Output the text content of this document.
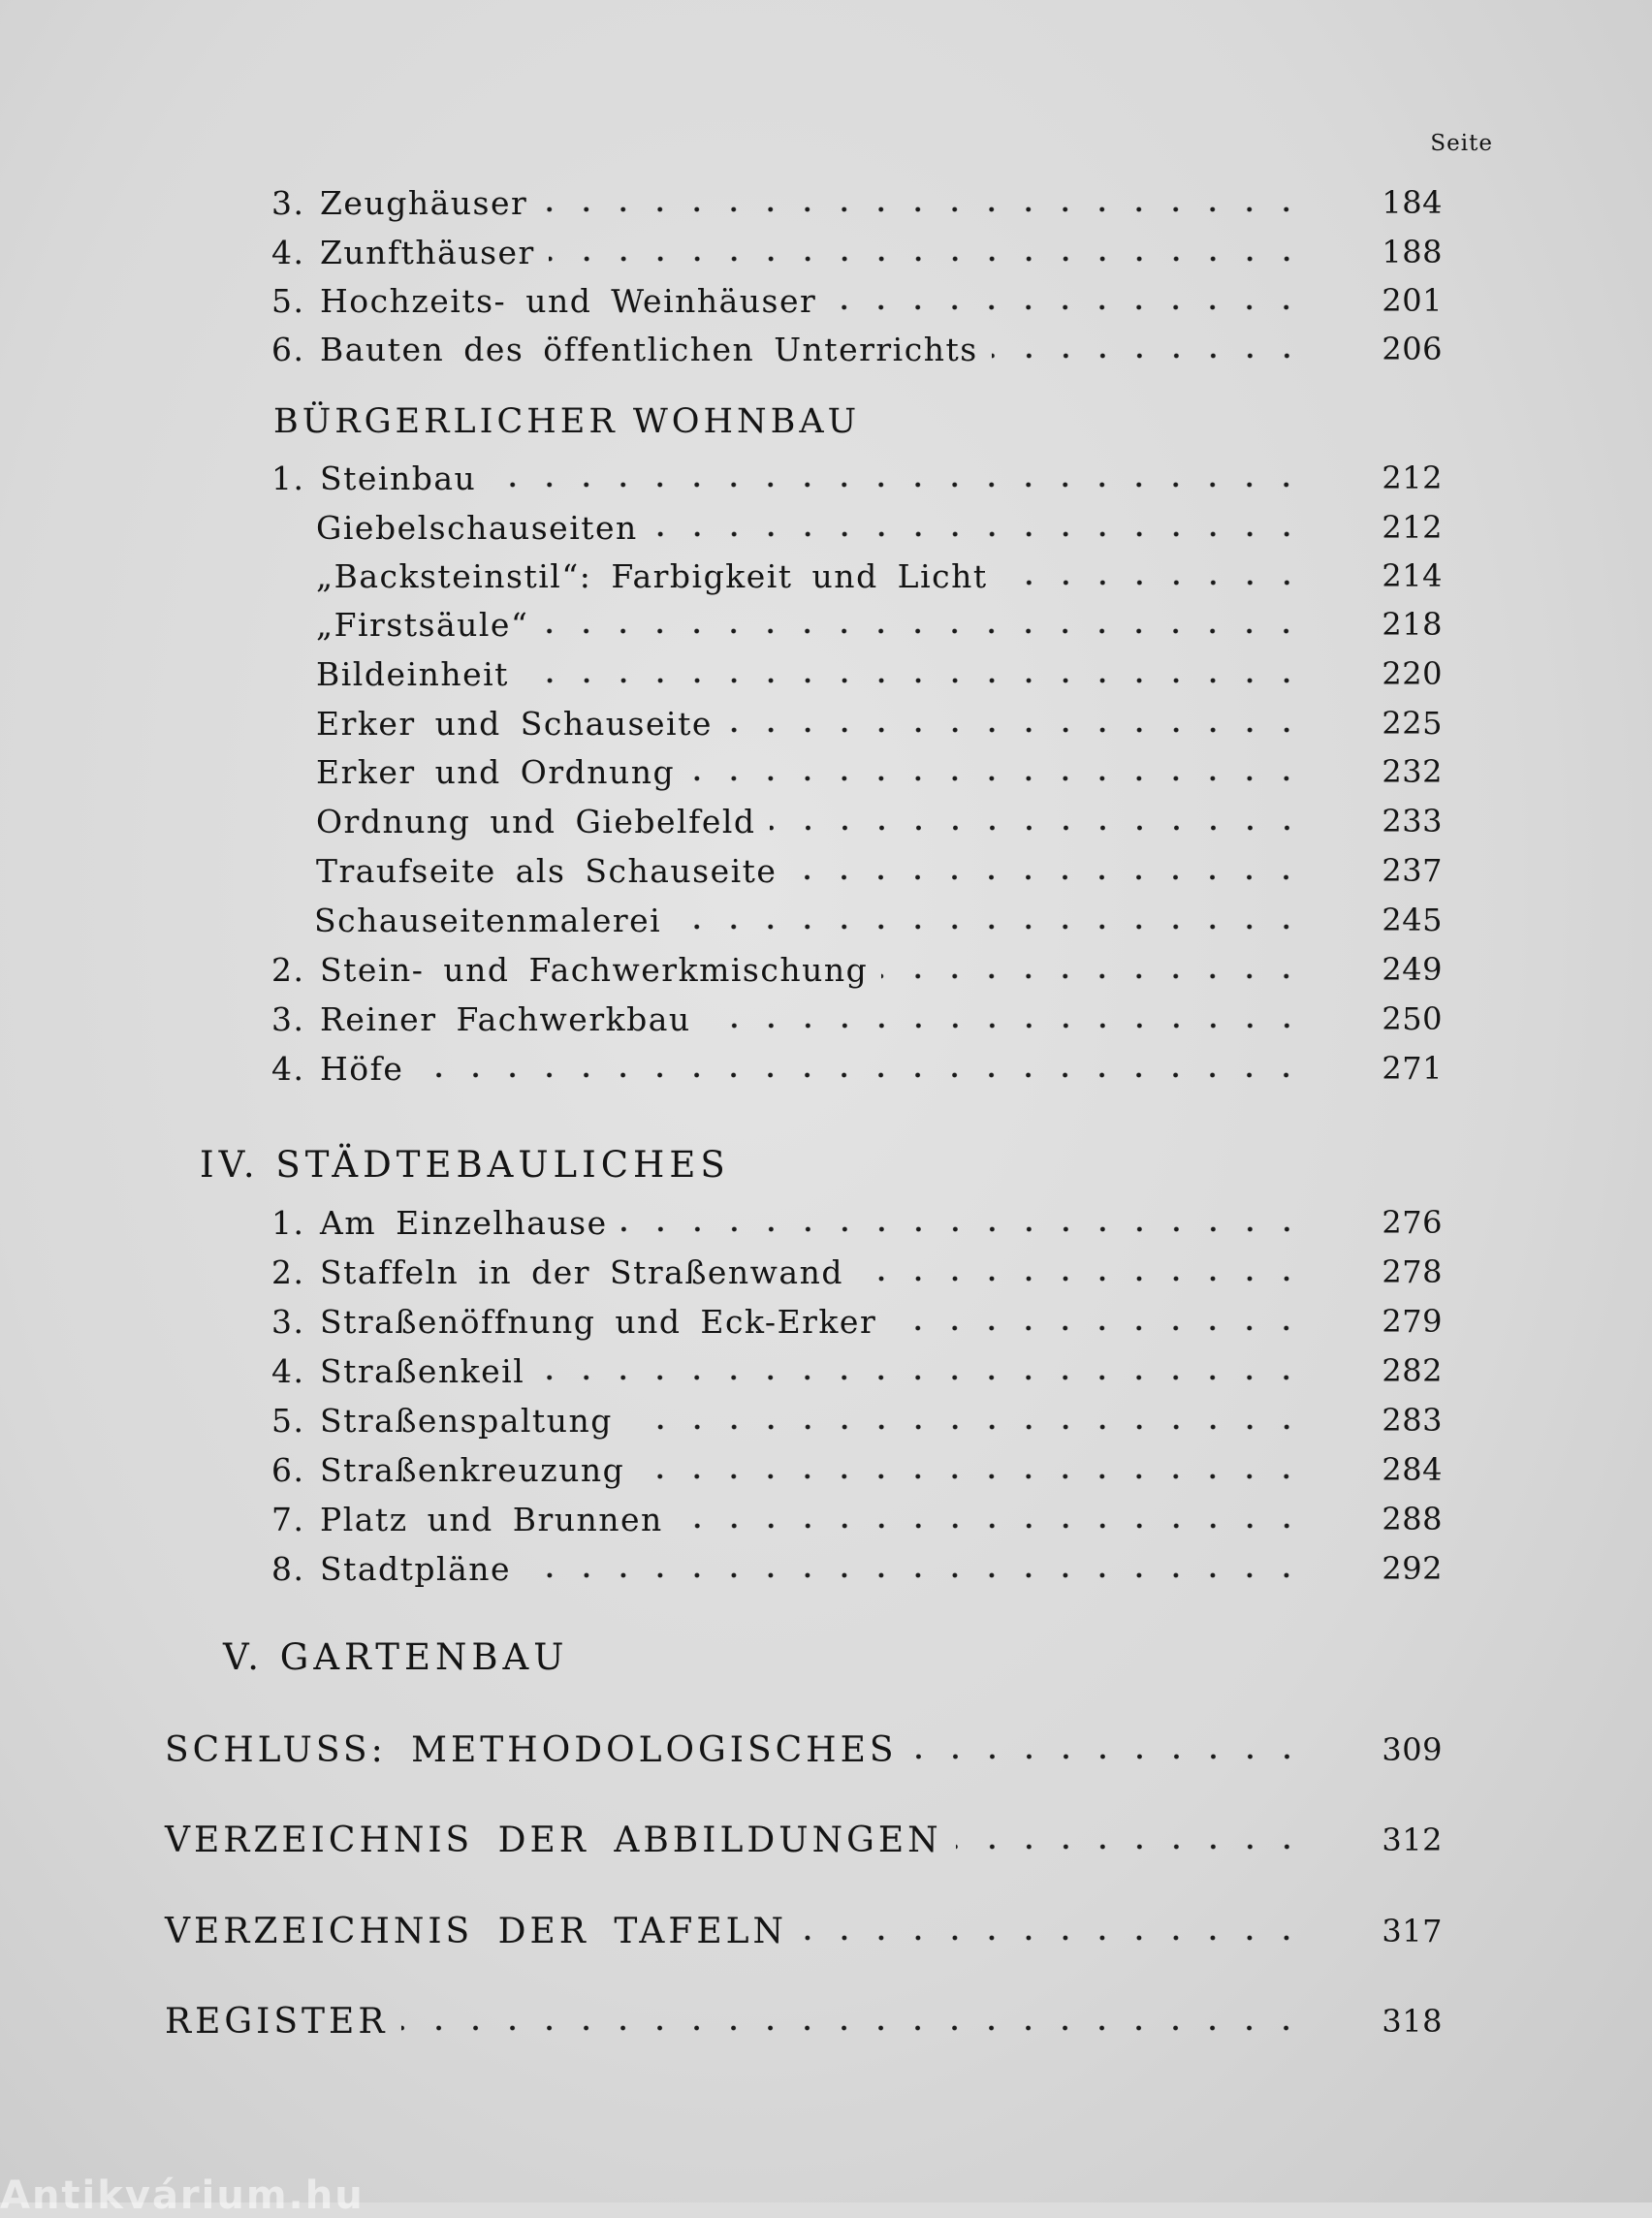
Seite
3. Zeughäuser	184
4. Zunfthäuser	188
5. Hochzeits- und Weinhäuser	201
6. Bauten des öffentlichen Unterrichts	206
BÜRGERLICHER WOHNBAU
1. Steinbau	212
Giebelschauseiten	212
„Backsteinstil“: Farbigkeit und Licht	214
„Firstsäule“	218
Bildeinheit	220
Erker und Schauseite	225
Erker und Ordnung	232
Ordnung und Giebelfeld	233
Traufseite als Schauseite	237
Schauseitenmalerei	245
2. Stein- und Fachwerkmischung	249
3. Reiner Fachwerkbau	250
4. Höfe	271
IV. STÄDTEBAULICHES
1. Am Einzelhause	276
2. Staffeln in der Straßenwand	278
3. Straßenöffnung und Eck-Erker	279
4. Straßenkeil	282
5. Straßenspaltung	283
6. Straßenkreuzung	284
7. Platz und Brunnen	288
8. Stadtpläne	292
V. GARTENBAU
SCHLUSS: METHODOLOGISCHES	309
VERZEICHNIS DER ABBILDUNGEN	312
VERZEICHNIS DER TAFELN	317
REGISTER	318
Antikvárium.hu
